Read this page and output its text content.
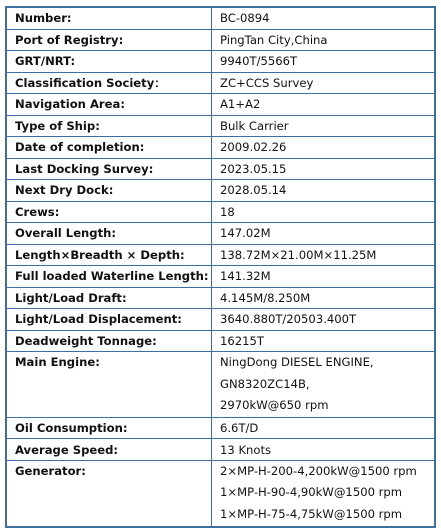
Number:	BC-0894
Port of Registry:	PingTan City,China
GRT/NRT:	9940T/5566T
Classification Society：	ZC+CCS Survey
Navigation Area:	A1+A2
Type of Ship:	Bulk Carrier
Date of completion:	2009.02.26
Last Docking Survey:	2023.05.15
Next Dry Dock:	2028.05.14
Crews:	18
Overall Length:	147.02M
Length×Breadth × Depth:	138.72M×21.00M×11.25M
Full loaded Waterline Length:	141.32M
Light/Load Draft:	4.145M/8.250M
Light/Load Displacement:	3640.880T/20503.400T
Deadweight Tonnage:	16215T

Main Engine:	NingDong DIESEL ENGINE,
GN8320ZC14B,
2970kW@650 rpm

Oil Consumption:	6.6T/D
Average Speed:	13 Knots

Generator:	2×MP-H-200-4,200kW@1500 rpm
1×MP-H-90-4,90kW@1500 rpm
1×MP-H-75-4,75kW@1500 rpm
